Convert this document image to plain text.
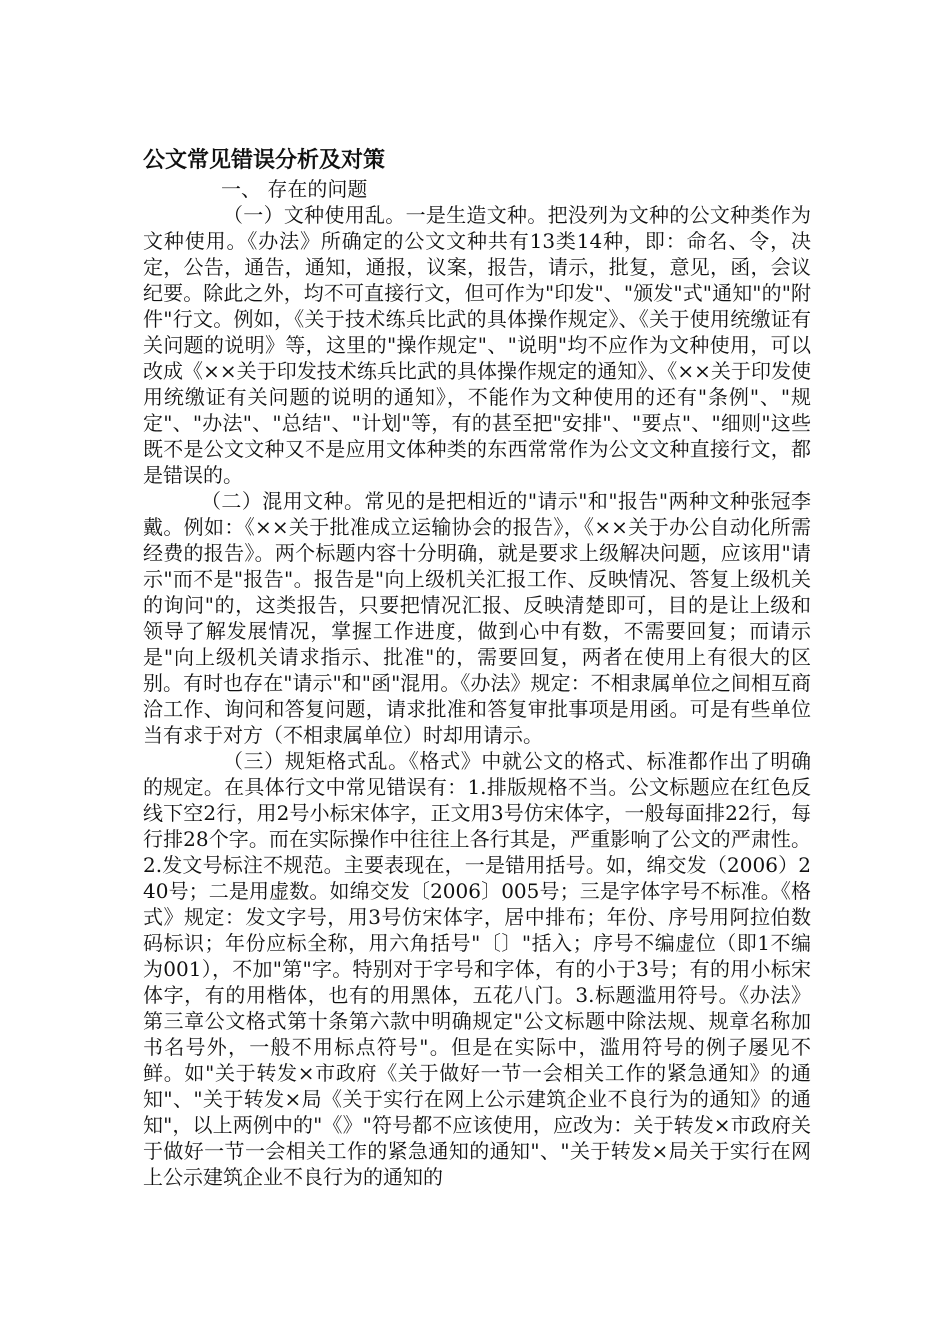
公文常见错误分析及对策

一、 存在的问题

（一）文种使用乱。一是生造文种。把没列为文种的公文种类作为文种使用。《办法》所确定的公文文种共有13类14种，即：命名、令，决定，公告，通告，通知，通报，议案，报告，请示，批复，意见，函，会议纪要。除此之外，均不可直接行文，但可作为"印发"、"颁发"式"通知"的"附件"行文。例如，《关于技术练兵比武的具体操作规定》、《关于使用统缴证有关问题的说明》等，这里的"操作规定"、"说明"均不应作为文种使用，可以改成《××关于印发技术练兵比武的具体操作规定的通知》、《××关于印发使用统缴证有关问题的说明的通知》，不能作为文种使用的还有"条例"、"规定"、"办法"、"总结"、"计划"等，有的甚至把"安排"、"要点"、"细则"这些既不是公文文种又不是应用文体种类的东西常常作为公文文种直接行文，都是错误的。

（二）混用文种。常见的是把相近的"请示"和"报告"两种文种张冠李戴。例如：《××关于批准成立运输协会的报告》，《××关于办公自动化所需经费的报告》。两个标题内容十分明确，就是要求上级解决问题，应该用"请示"而不是"报告"。报告是"向上级机关汇报工作、反映情况、答复上级机关的询问"的，这类报告，只要把情况汇报、反映清楚即可，目的是让上级和领导了解发展情况，掌握工作进度，做到心中有数，不需要回复；而请示是"向上级机关请求指示、批准"的，需要回复，两者在使用上有很大的区别。有时也存在"请示"和"函"混用。《办法》规定：不相隶属单位之间相互商洽工作、询问和答复问题，请求批准和答复审批事项是用函。可是有些单位当有求于对方（不相隶属单位）时却用请示。

（三）规矩格式乱。《格式》中就公文的格式、标准都作出了明确的规定。在具体行文中常见错误有：1.排版规格不当。公文标题应在红色反线下空2行，用2号小标宋体字，正文用3号仿宋体字，一般每面排22行，每行排28个字。而在实际操作中往往上各行其是，严重影响了公文的严肃性。2.发文号标注不规范。主要表现在，一是错用括号。如，绵交发（2006）240号；二是用虚数。如绵交发〔2006〕005号；三是字体字号不标准。《格式》规定：发文字号，用3号仿宋体字，居中排布；年份、序号用阿拉伯数码标识；年份应标全称，用六角括号"〔〕"括入；序号不编虚位（即1不编为001），不加"第"字。特别对于字号和字体，有的小于3号；有的用小标宋体字，有的用楷体，也有的用黑体，五花八门。3.标题滥用符号。《办法》第三章公文格式第十条第六款中明确规定"公文标题中除法规、规章名称加书名号外，一般不用标点符号"。但是在实际中，滥用符号的例子屡见不鲜。如"关于转发×市政府《关于做好一节一会相关工作的紧急通知》的通知"、"关于转发×局《关于实行在网上公示建筑企业不良行为的通知》的通知"，以上两例中的"《》"符号都不应该使用，应改为：关于转发×市政府关于做好一节一会相关工作的紧急通知的通知"、"关于转发×局关于实行在网上公示建筑企业不良行为的通知的
